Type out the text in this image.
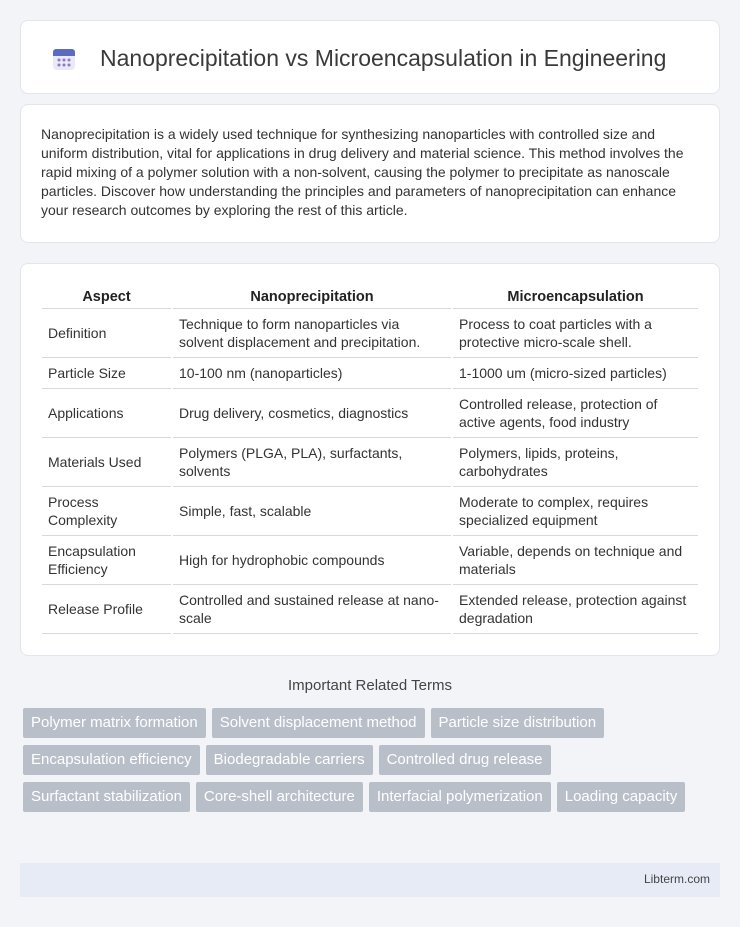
Nanoprecipitation vs Microencapsulation in Engineering

Nanoprecipitation is a widely used technique for synthesizing nanoparticles with controlled size and uniform distribution, vital for applications in drug delivery and material science. This method involves the rapid mixing of a polymer solution with a non-solvent, causing the polymer to precipitate as nanoscale particles. Discover how understanding the principles and parameters of nanoprecipitation can enhance your research outcomes by exploring the rest of this article.

Aspect	Nanoprecipitation	Microencapsulation
Definition	Technique to form nanoparticles via solvent displacement and precipitation.	Process to coat particles with a protective micro-scale shell.
Particle Size	10-100 nm (nanoparticles)	1-1000 um (micro-sized particles)
Applications	Drug delivery, cosmetics, diagnostics	Controlled release, protection of active agents, food industry
Materials Used	Polymers (PLGA, PLA), surfactants, solvents	Polymers, lipids, proteins, carbohydrates
Process Complexity	Simple, fast, scalable	Moderate to complex, requires specialized equipment
Encapsulation Efficiency	High for hydrophobic compounds	Variable, depends on technique and materials
Release Profile	Controlled and sustained release at nano-scale	Extended release, protection against degradation
Important Related Terms
Polymer matrix formation	Solvent displacement method	Particle size distribution
Encapsulation efficiency	Biodegradable carriers	Controlled drug release
Surfactant stabilization	Core-shell architecture	Interfacial polymerization	Loading capacity
Libterm.com
